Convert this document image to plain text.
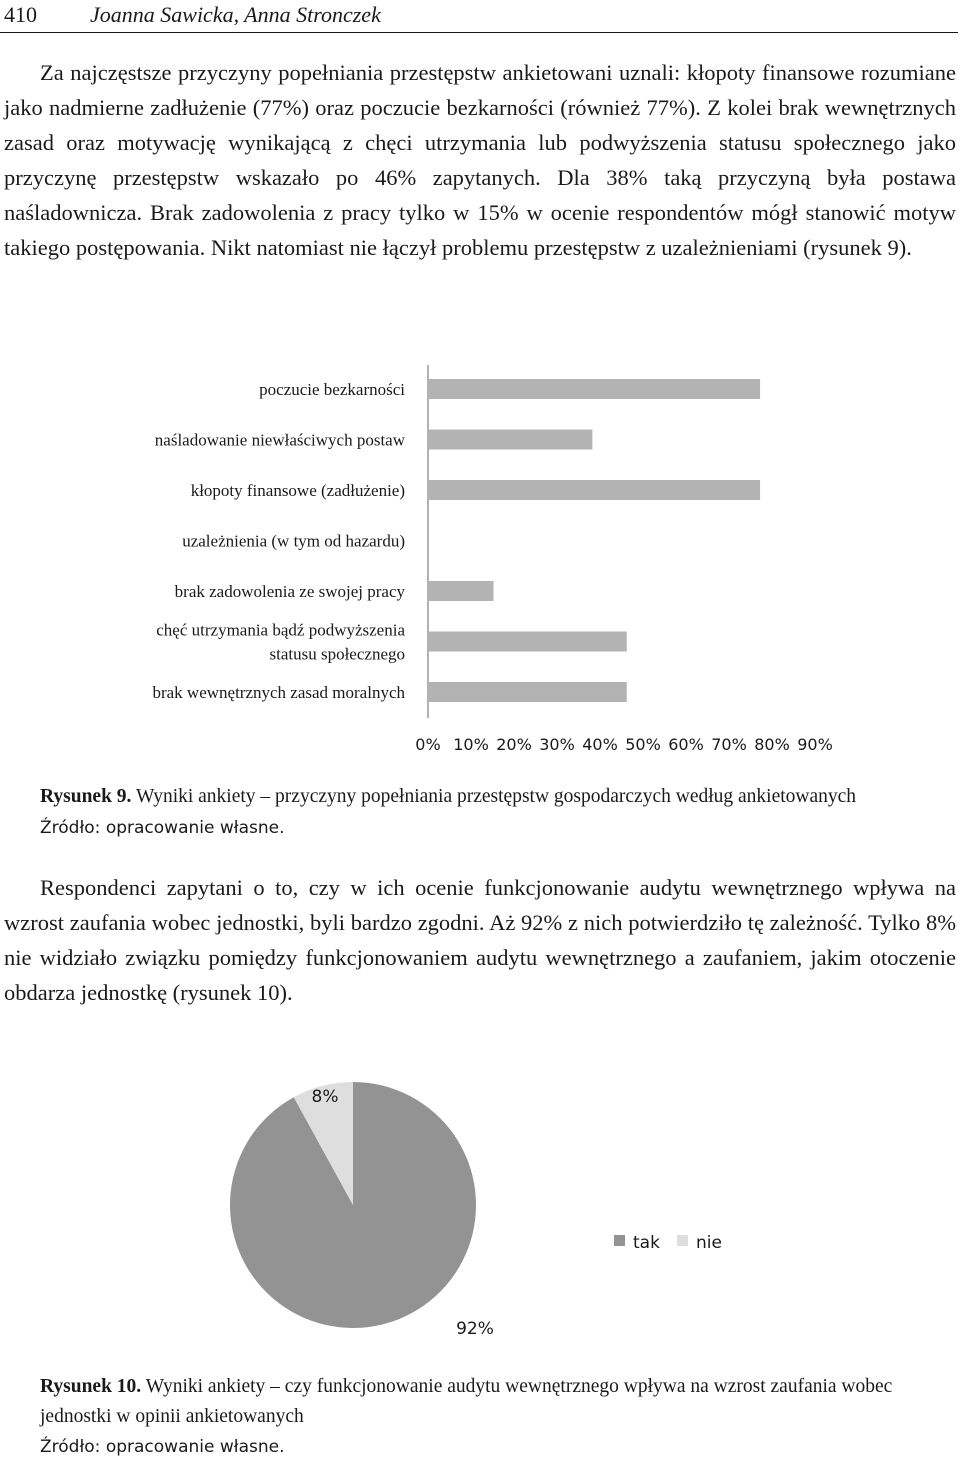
410 Joanna Sawicka, Anna Stronczek

Za najczęstsze przyczyny popełniania przestępstw ankietowani uznali: kłopoty finansowe rozumiane jako nadmierne zadłużenie (77%) oraz poczucie bezkarności (również 77%). Z kolei brak wewnętrznych zasad oraz motywację wynikającą z chęci utrzymania lub podwyższenia statusu społecznego jako przyczynę przestępstw wskazało po 46% zapytanych. Dla 38% taką przyczyną była postawa naśladownicza. Brak zadowolenia z pracy tylko w 15% w ocenie respondentów mógł stanowić motyw takiego postępowania. Nikt natomiast nie łączył problemu przestępstw z uzależnieniami (rysunek 9).

poczucie bezkarności
naśladowanie niewłaściwych postaw
kłopoty finansowe (zadłużenie)
uzależnienia (w tym od hazardu)
brak zadowolenia ze swojej pracy
chęć utrzymania bądź podwyższenia statusu społecznego
brak wewnętrznych zasad moralnych
0% 10% 20% 30% 40% 50% 60% 70% 80% 90%

Rysunek 9. Wyniki ankiety – przyczyny popełniania przestępstw gospodarczych według ankietowanych

Źródło: opracowanie własne.

Respondenci zapytani o to, czy w ich ocenie funkcjonowanie audytu wewnętrznego wpływa na wzrost zaufania wobec jednostki, byli bardzo zgodni. Aż 92% z nich potwierdziło tę zależność. Tylko 8% nie widziało związku pomiędzy funkcjonowaniem audytu wewnętrznego a zaufaniem, jakim otoczenie obdarza jednostkę (rysunek 10).

92%
8%
tak nie

Rysunek 10. Wyniki ankiety – czy funkcjonowanie audytu wewnętrznego wpływa na wzrost zaufania wobec jednostki w opinii ankietowanych

Źródło: opracowanie własne.
